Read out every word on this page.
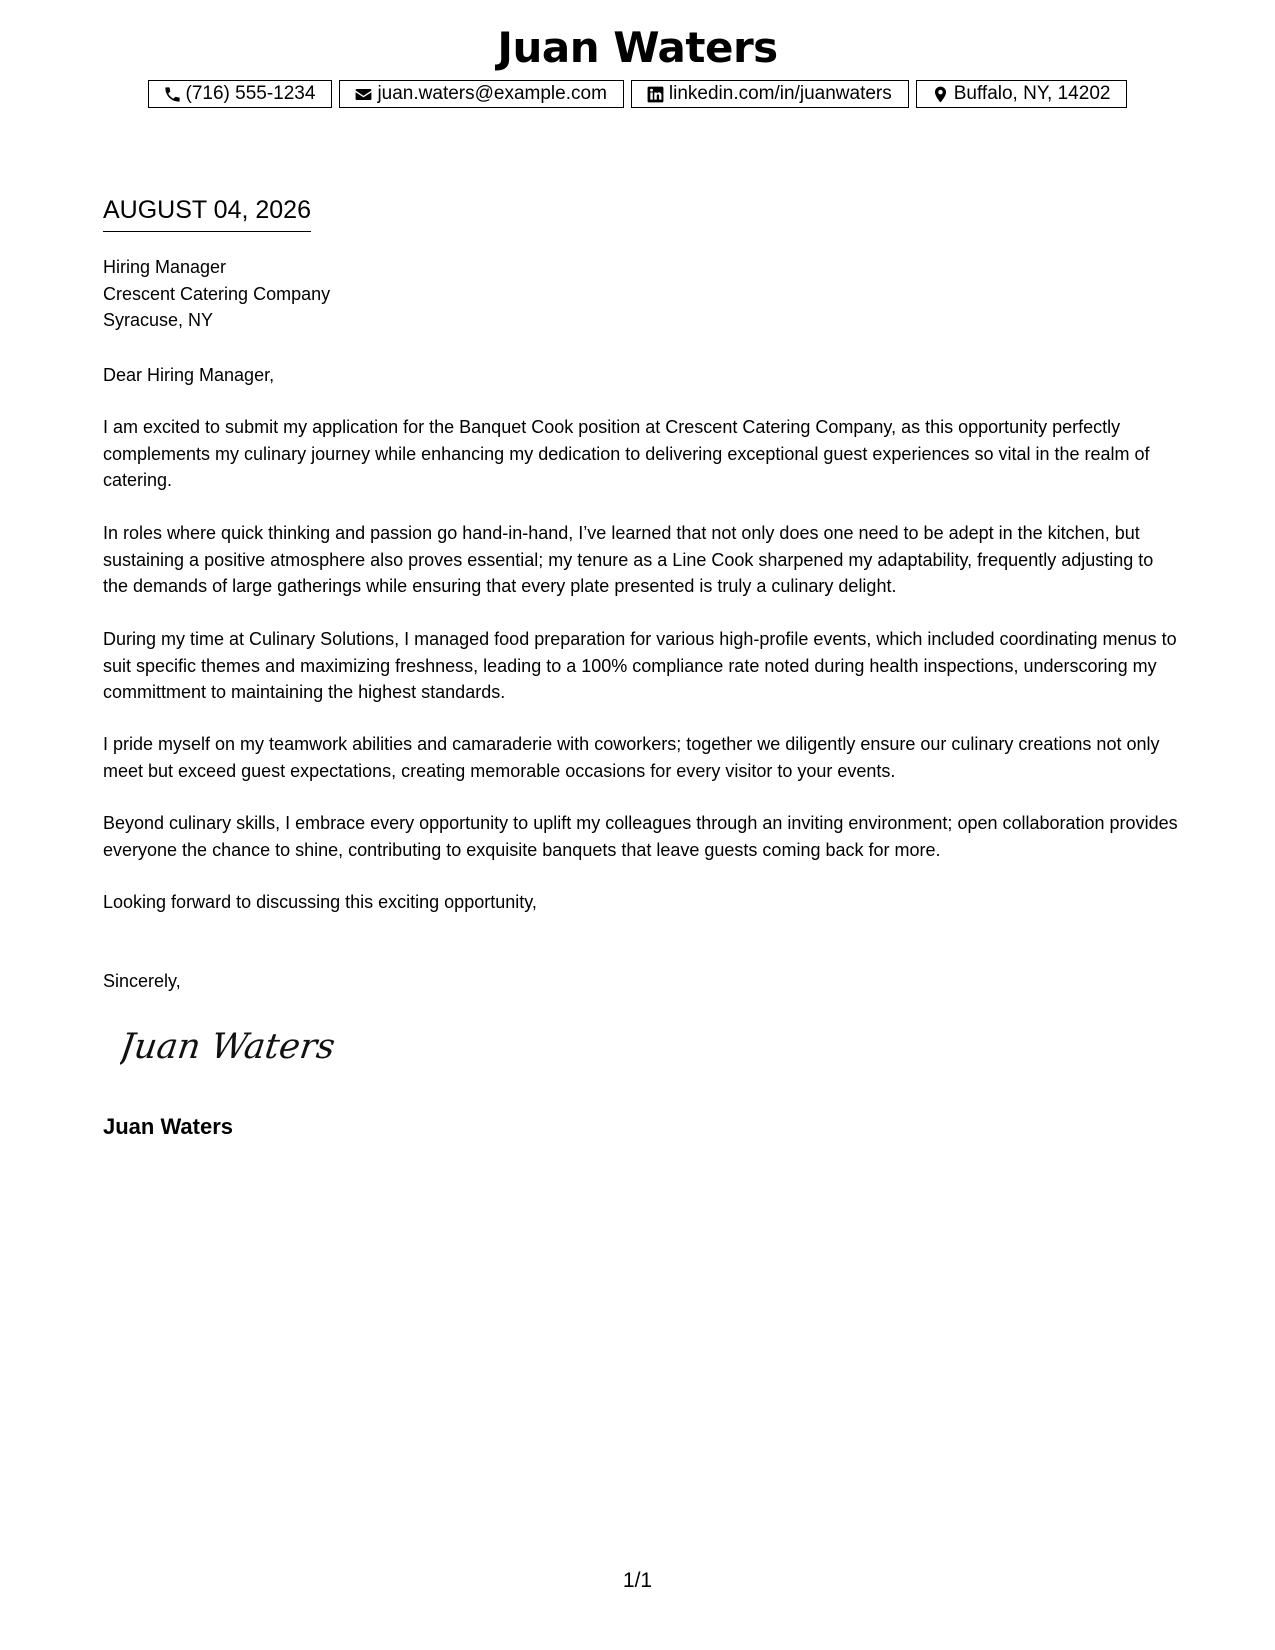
Juan Waters
(716) 555-1234	juan.waters@example.com	linkedin.com/in/juanwaters	Buffalo, NY, 14202
AUGUST 04, 2026
Hiring Manager
Crescent Catering Company
Syracuse, NY

Dear Hiring Manager,

I am excited to submit my application for the Banquet Cook position at Crescent Catering Company, as this opportunity perfectly complements my culinary journey while enhancing my dedication to delivering exceptional guest experiences so vital in the realm of catering.

In roles where quick thinking and passion go hand-in-hand, I’ve learned that not only does one need to be adept in the kitchen, but sustaining a positive atmosphere also proves essential; my tenure as a Line Cook sharpened my adaptability, frequently adjusting to the demands of large gatherings while ensuring that every plate presented is truly a culinary delight.

During my time at Culinary Solutions, I managed food preparation for various high-profile events, which included coordinating menus to suit specific themes and maximizing freshness, leading to a 100% compliance rate noted during health inspections, underscoring my committment to maintaining the highest standards.

I pride myself on my teamwork abilities and camaraderie with coworkers; together we diligently ensure our culinary creations not only meet but exceed guest expectations, creating memorable occasions for every visitor to your events.

Beyond culinary skills, I embrace every opportunity to uplift my colleagues through an inviting environment; open collaboration provides everyone the chance to shine, contributing to exquisite banquets that leave guests coming back for more.

Looking forward to discussing this exciting opportunity,

Sincerely,

Juan Waters
Juan Waters
1/1
